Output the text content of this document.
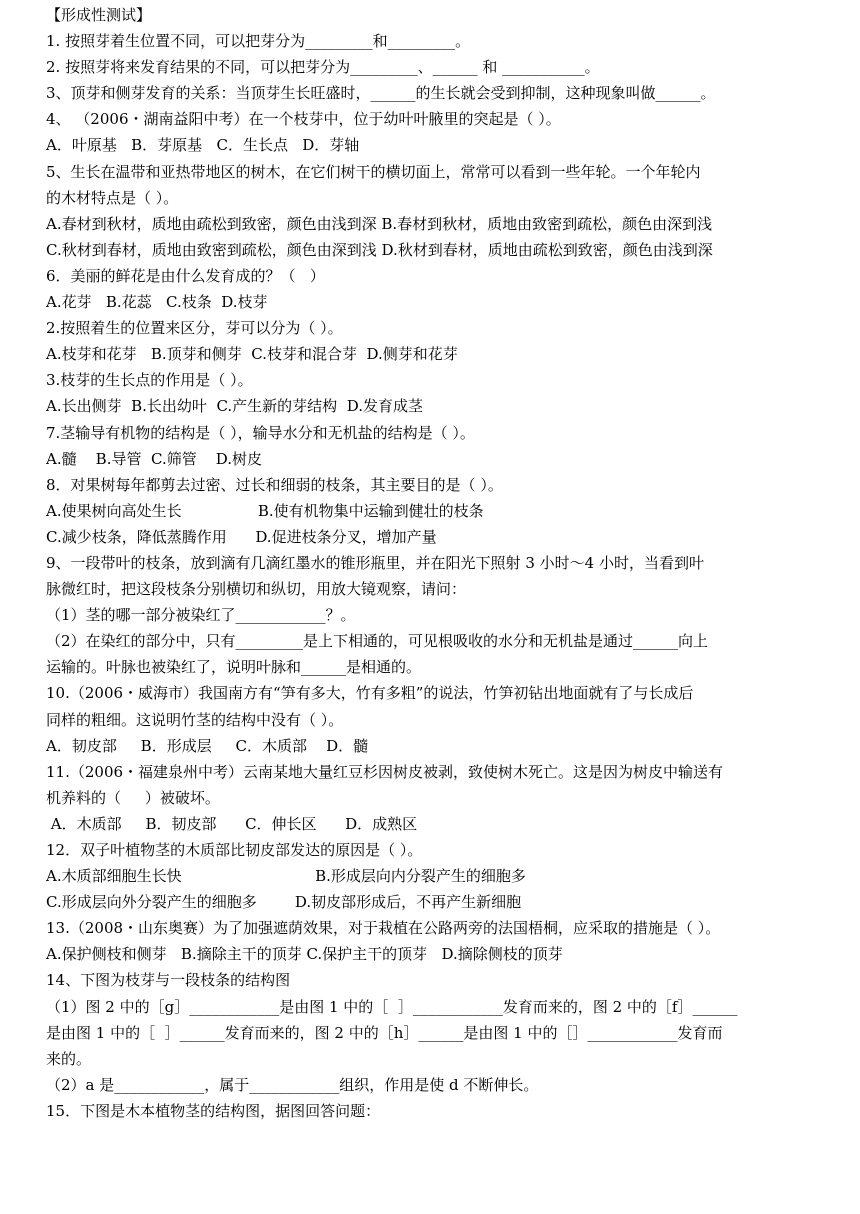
【形成性测试】
1. 按照芽着生位置不同，可以把芽分为_________和_________。
2. 按照芽将来发育结果的不同，可以把芽分为_________、______ 和 ___________。
3、顶芽和侧芽发育的关系：当顶芽生长旺盛时，______的生长就会受到抑制，这种现象叫做______。
4、 （2006・湖南益阳中考）在一个枝芽中，位于幼叶叶腋里的突起是（ ）。
A．叶原基   B．芽原基   C．生长点   D．芽轴
5、生长在温带和亚热带地区的树木，在它们树干的横切面上，常常可以看到一些年轮。一个年轮内
的木材特点是（ ）。
A.春材到秋材，质地由疏松到致密，颜色由浅到深 B.春材到秋材，质地由致密到疏松，颜色由深到浅
C.秋材到春材，质地由致密到疏松，颜色由深到浅 D.秋材到春材，质地由疏松到致密，颜色由浅到深
6．美丽的鲜花是由什么发育成的？（   ）
A.花芽   B.花蕊   C.枝条  D.枝芽
2.按照着生的位置来区分，芽可以分为（ ）。
A.枝芽和花芽   B.顶芽和侧芽  C.枝芽和混合芽  D.侧芽和花芽
3.枝芽的生长点的作用是（ ）。
A.长出侧芽  B.长出幼叶  C.产生新的芽结构  D.发育成茎
7.茎输导有机物的结构是（ ），输导水分和无机盐的结构是（ ）。
A.髓    B.导管  C.筛管    D.树皮
8．对果树每年都剪去过密、过长和细弱的枝条，其主要目的是（ ）。
A.使果树向高处生长                B.使有机物集中运输到健壮的枝条
C.减少枝条，降低蒸腾作用      D.促进枝条分叉，增加产量
9、一段带叶的枝条，放到滴有几滴红墨水的锥形瓶里，并在阳光下照射 3 小时～4 小时，当看到叶
脉微红时，把这段枝条分别横切和纵切，用放大镜观察，请问：
（1）茎的哪一部分被染红了____________？。
（2）在染红的部分中，只有_________是上下相通的，可见根吸收的水分和无机盐是通过______向上
运输的。叶脉也被染红了，说明叶脉和______是相通的。
10.（2006・威海市）我国南方有“笋有多大，竹有多粗”的说法，竹笋初钻出地面就有了与长成后
同样的粗细。这说明竹茎的结构中没有（ ）。
A．韧皮部     B．形成层     C．木质部    D．髓
11.（2006・福建泉州中考）云南某地大量红豆杉因树皮被剥，致使树木死亡。这是因为树皮中输送有
机养料的（     ）被破坏。
A．木质部     B．韧皮部      C．伸长区      D．成熟区
12．双子叶植物茎的木质部比韧皮部发达的原因是（ ）。
A.木质部细胞生长快                            B.形成层向内分裂产生的细胞多
C.形成层向外分裂产生的细胞多        D.韧皮部形成后，不再产生新细胞
13.（2008・山东奥赛）为了加强遮荫效果，对于栽植在公路两旁的法国梧桐，应采取的措施是（ ）。
A.保护侧枝和侧芽   B.摘除主干的顶芽 C.保护主干的顶芽   D.摘除侧枝的顶芽
14、下图为枝芽与一段枝条的结构图
（1）图 2 中的［g］____________是由图 1 中的［  ］____________发育而来的，图 2 中的［f］______
是由图 1 中的［  ］______发育而来的，图 2 中的［h］______是由图 1 中的［］____________发育而
来的。
（2）a 是____________，属于____________组织，作用是使 d 不断伸长。
15．下图是木本植物茎的结构图，据图回答问题：
